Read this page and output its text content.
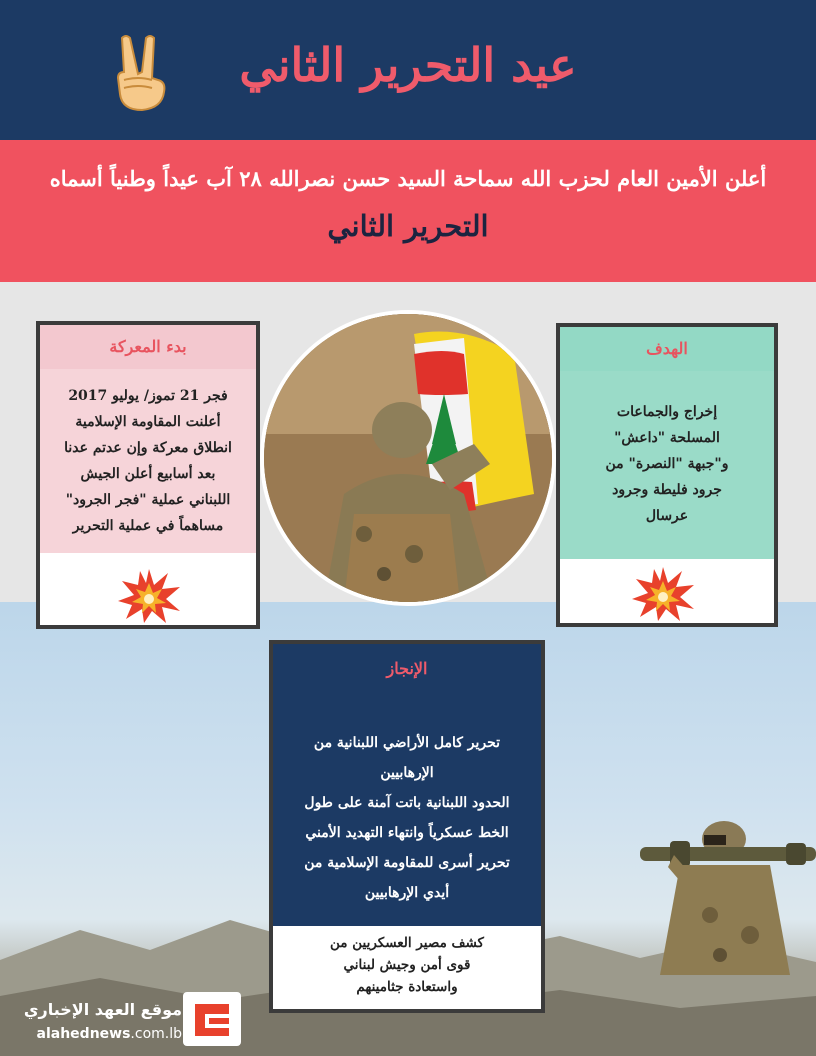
عيد التحرير الثاني
أعلن الأمين العام لحزب الله سماحة السيد حسن نصرالله ٢٨ آب عيداً وطنياً أسماه
التحرير الثاني
بدء المعركة
فجر 21 تموز/ يوليو 2017
أعلنت المقاومة الإسلامية
انطلاق معركة وإن عدتم عدنا
بعد أسابيع أعلن الجيش
اللبناني عملية "فجر الجرود"
مساهماً في عملية التحرير
الهدف
إخراج والجماعات
المسلحة "داعش"
و"جبهة "النصرة" من
جرود فليطة وجرود
عرسال
الإنجاز
تحرير كامل الأراضي اللبنانية من
الإرهابيين
الحدود اللبنانية باتت آمنة على طول
الخط عسكرياً وانتهاء التهديد الأمني
تحرير أسرى للمقاومة الإسلامية من
أيدي الإرهابيين
كشف مصير العسكريين من
قوى أمن وجيش لبناني
واستعادة جثامينهم
موقع العهد الإخباري
alahednews.com.lb
